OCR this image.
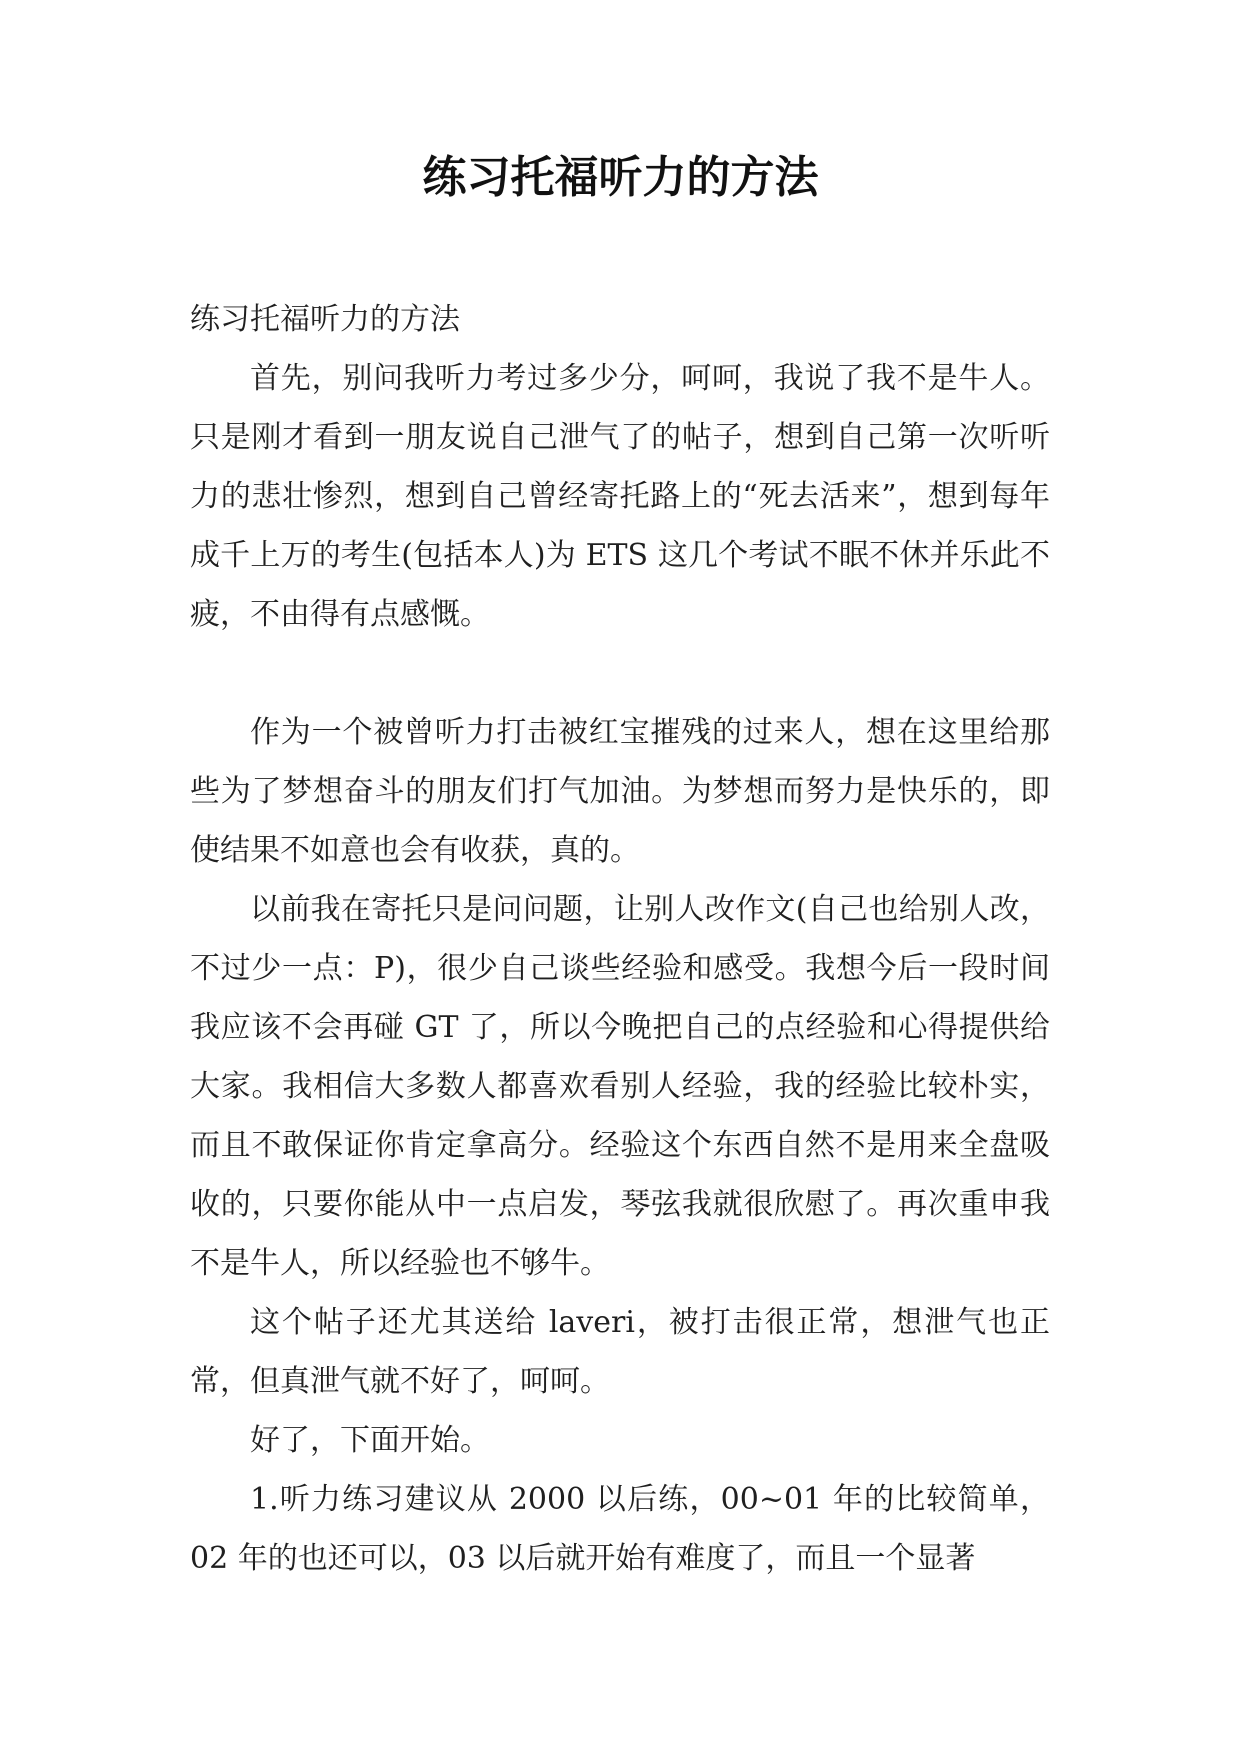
练习托福听力的方法

练习托福听力的方法

首先，别问我听力考过多少分，呵呵，我说了我不是牛人。只是刚才看到一朋友说自己泄气了的帖子，想到自己第一次听听力的悲壮惨烈，想到自己曾经寄托路上的“死去活来”，想到每年成千上万的考生(包括本人)为 ETS 这几个考试不眠不休并乐此不疲，不由得有点感慨。

作为一个被曾听力打击被红宝摧残的过来人，想在这里给那些为了梦想奋斗的朋友们打气加油。为梦想而努力是快乐的，即使结果不如意也会有收获，真的。

以前我在寄托只是问问题，让别人改作文(自己也给别人改，不过少一点：P)，很少自己谈些经验和感受。我想今后一段时间我应该不会再碰 GT 了，所以今晚把自己的点经验和心得提供给大家。我相信大多数人都喜欢看别人经验，我的经验比较朴实，而且不敢保证你肯定拿高分。经验这个东西自然不是用来全盘吸收的，只要你能从中一点启发，琴弦我就很欣慰了。再次重申我不是牛人，所以经验也不够牛。

这个帖子还尤其送给 laveri，被打击很正常，想泄气也正常，但真泄气就不好了，呵呵。

好了，下面开始。

1.听力练习建议从 2000 以后练，00~01 年的比较简单，02 年的也还可以，03 以后就开始有难度了，而且一个显著
